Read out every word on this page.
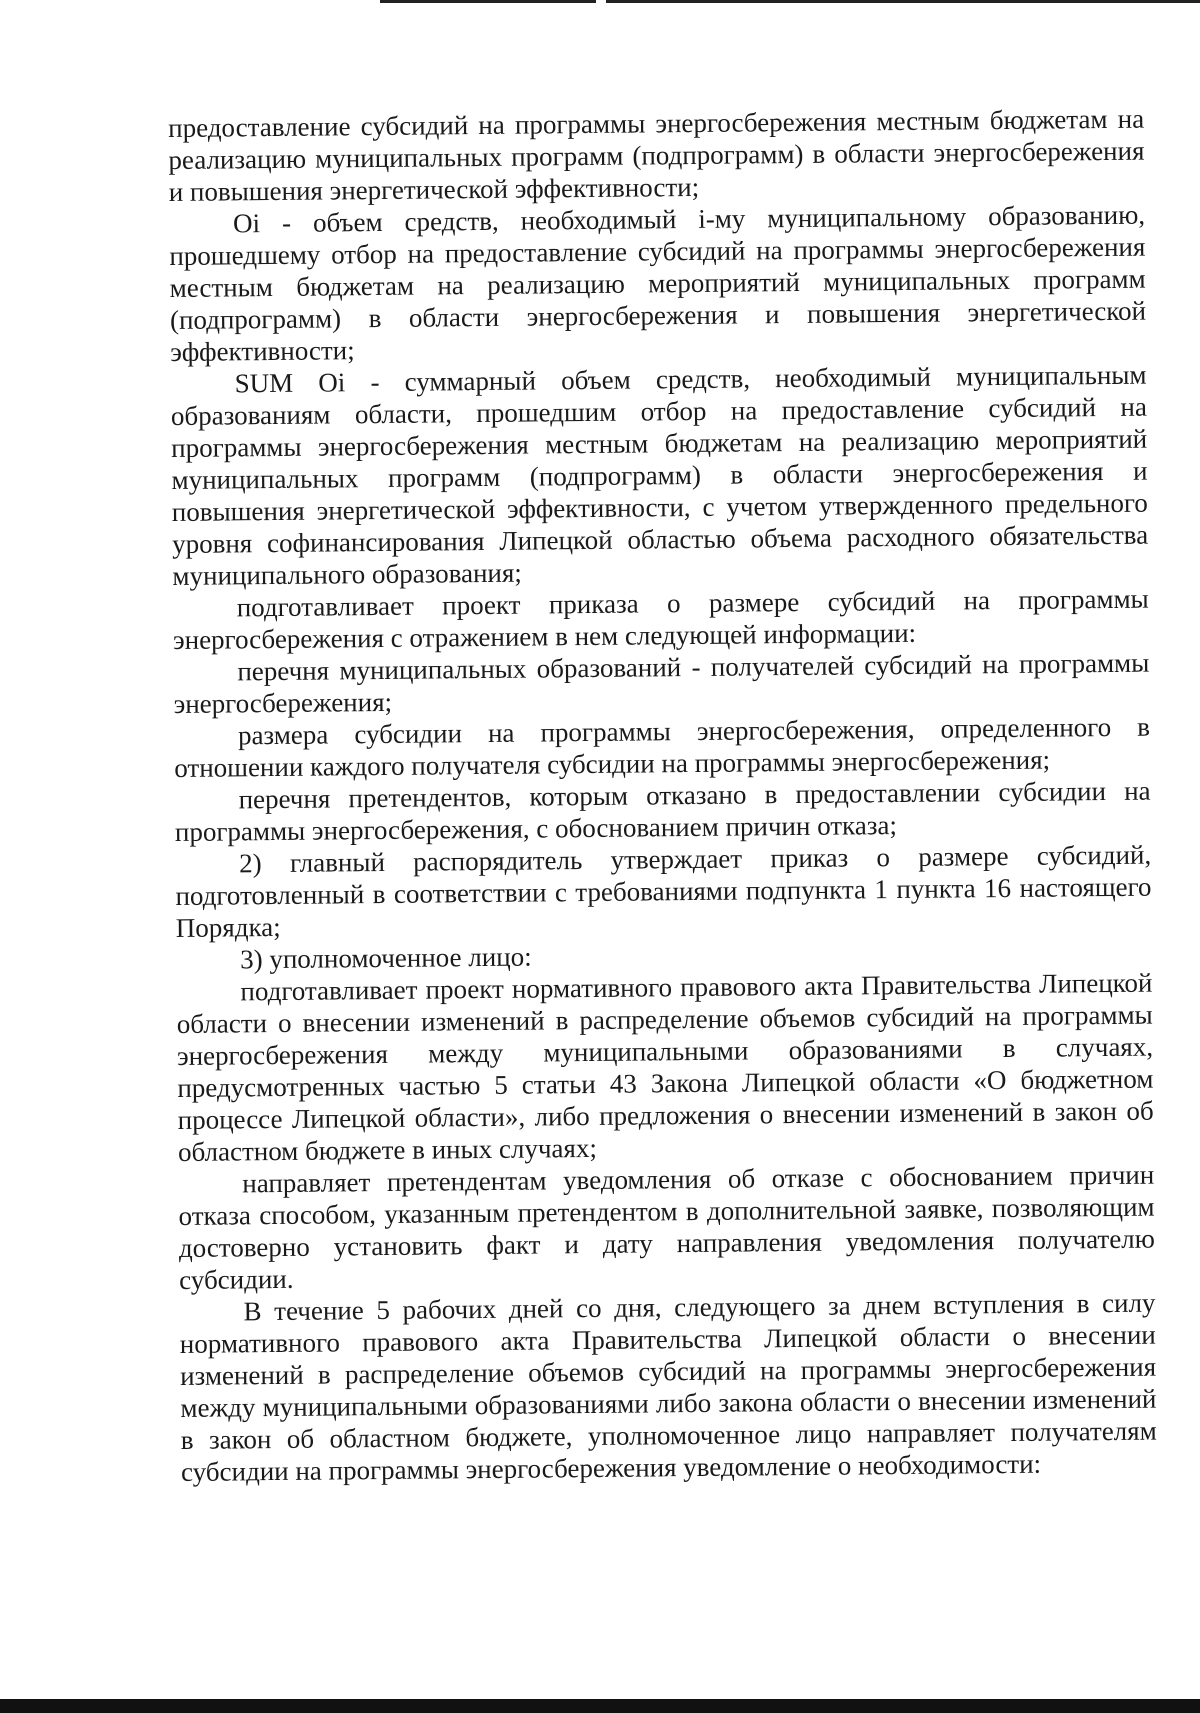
предоставление субсидий на программы энергосбережения местным бюджетам на реализацию муниципальных программ (подпрограмм) в области энергосбережения и повышения энергетической эффективности;

Oi - объем средств, необходимый i-му муниципальному образованию, прошедшему отбор на предоставление субсидий на программы энергосбережения местным бюджетам на реализацию мероприятий муниципальных программ (подпрограмм) в области энергосбережения и повышения энергетической эффективности;

SUM Oi - суммарный объем средств, необходимый муниципальным образованиям области, прошедшим отбор на предоставление субсидий на программы энергосбережения местным бюджетам на реализацию мероприятий муниципальных программ (подпрограмм) в области энергосбережения и повышения энергетической эффективности, с учетом утвержденного предельного уровня софинансирования Липецкой областью объема расходного обязательства муниципального образования;

подготавливает проект приказа о размере субсидий на программы энергосбережения с отражением в нем следующей информации:

перечня муниципальных образований - получателей субсидий на программы энергосбережения;

размера субсидии на программы энергосбережения, определенного в отношении каждого получателя субсидии на программы энергосбережения;

перечня претендентов, которым отказано в предоставлении субсидии на программы энергосбережения, с обоснованием причин отказа;

2) главный распорядитель утверждает приказ о размере субсидий, подготовленный в соответствии с требованиями подпункта 1 пункта 16 настоящего Порядка;

3) уполномоченное лицо:

подготавливает проект нормативного правового акта Правительства Липецкой области о внесении изменений в распределение объемов субсидий на программы энергосбережения между муниципальными образованиями в случаях, предусмотренных частью 5 статьи 43 Закона Липецкой области «О бюджетном процессе Липецкой области», либо предложения о внесении изменений в закон об областном бюджете в иных случаях;

направляет претендентам уведомления об отказе с обоснованием причин отказа способом, указанным претендентом в дополнительной заявке, позволяющим достоверно установить факт и дату направления уведомления получателю субсидии.

В течение 5 рабочих дней со дня, следующего за днем вступления в силу нормативного правового акта Правительства Липецкой области о внесении изменений в распределение объемов субсидий на программы энергосбережения между муниципальными образованиями либо закона области о внесении изменений в закон об областном бюджете, уполномоченное лицо направляет получателям субсидии на программы энергосбережения уведомление о необходимости:
